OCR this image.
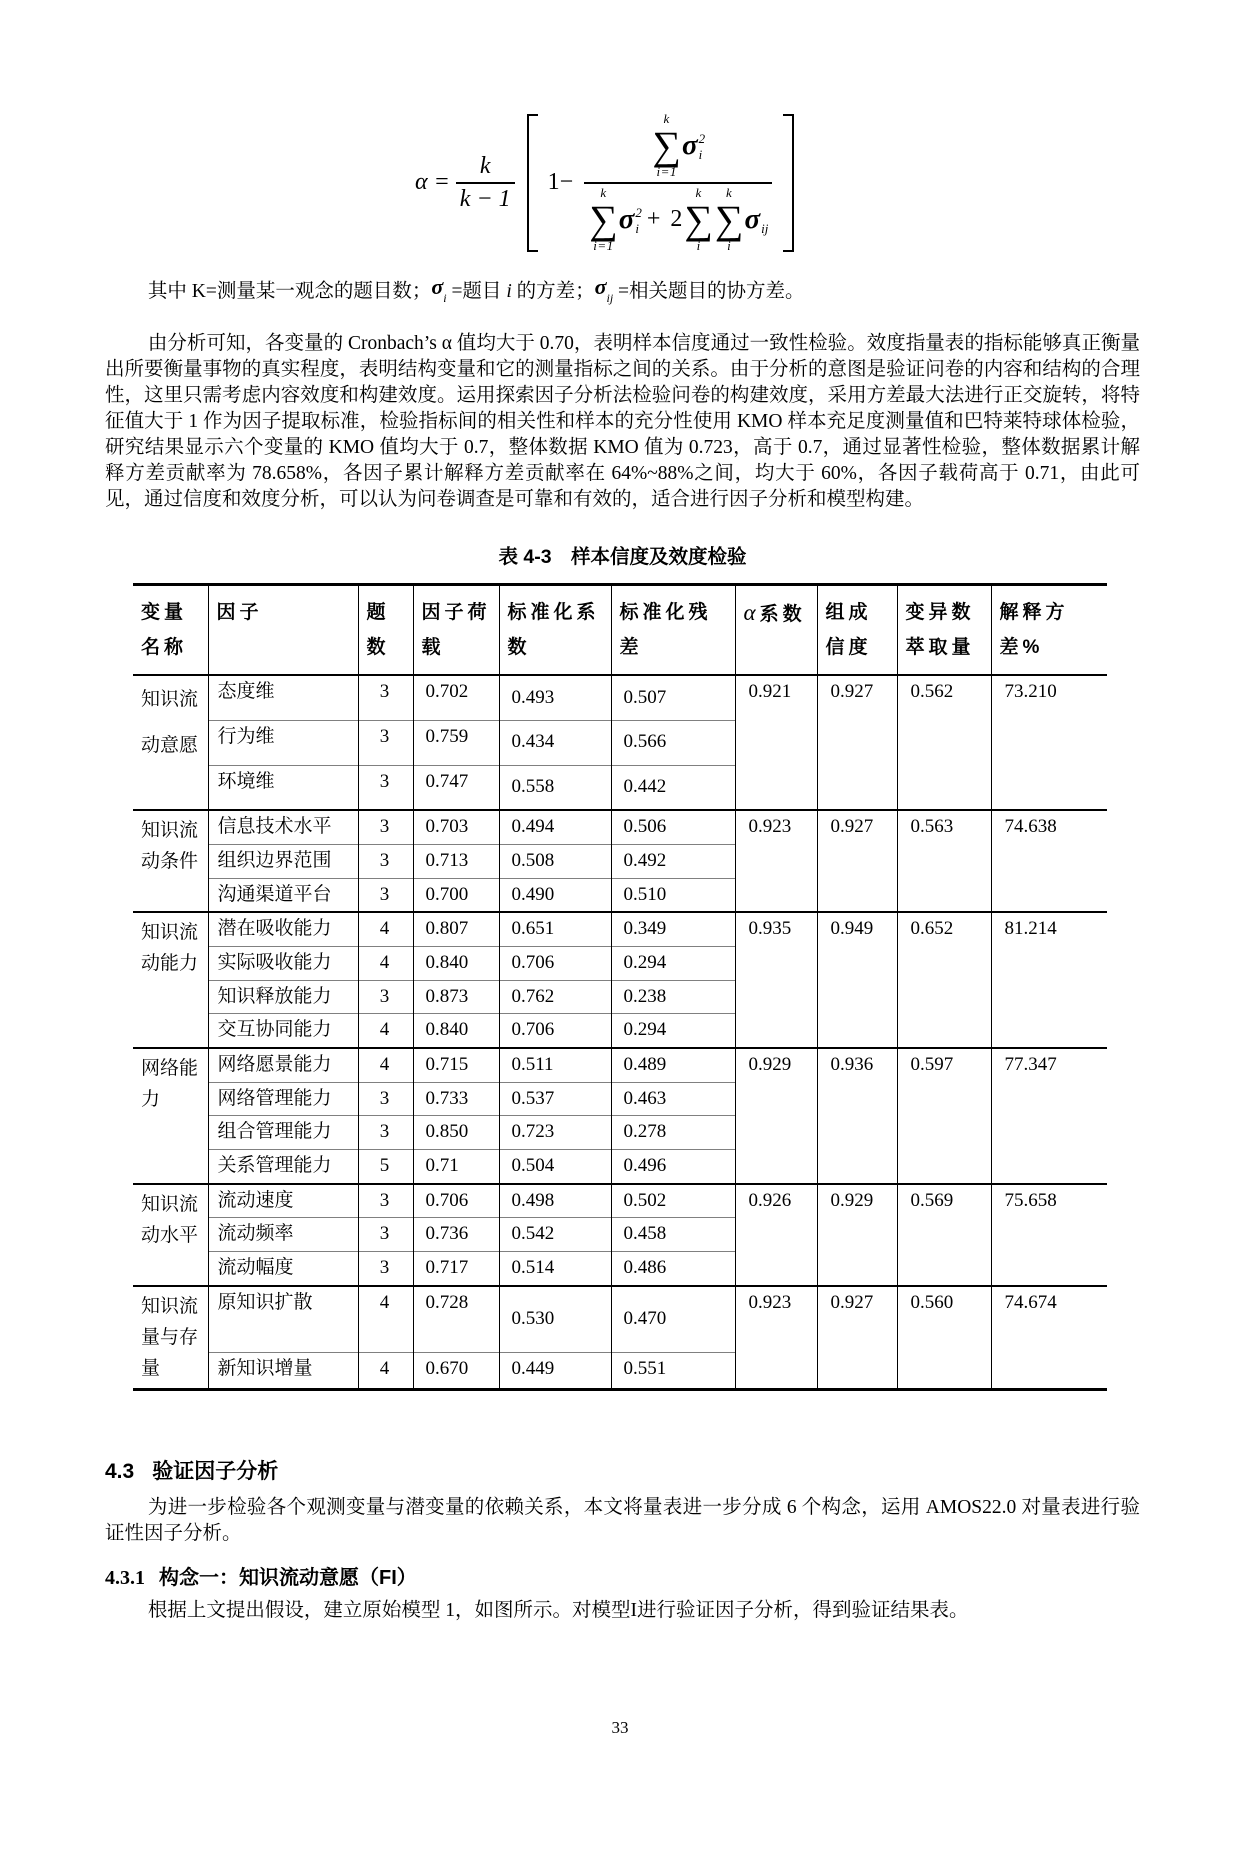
$\alpha = \frac{k}{k - 1} 1-$
k
∑
i=1
σ 2
i
k
∑
i=1
σ 2
i + 2
k
∑
i
k
∑
i
σ
ij

其中 K=测量某一观念的题目数；$\sigma_i$ =题目 i 的方差；$\sigma_{ij}$ =相关题目的协方差。

由分析可知，各变量的 Cronbach’s α 值均大于 0.70，表明样本信度通过一致性检验。效度指量表的指标能够真正衡量出所要衡量事物的真实程度，表明结构变量和它的测量指标之间的关系。由于分析的意图是验证问卷的内容和结构的合理性，这里只需考虑内容效度和构建效度。运用探索因子分析法检验问卷的构建效度，采用方差最大法进行正交旋转，将特征值大于 1 作为因子提取标准，检验指标间的相关性和样本的充分性使用 KMO 样本充足度测量值和巴特莱特球体检验，研究结果显示六个变量的 KMO 值均大于 0.7，整体数据 KMO 值为 0.723，高于 0.7，通过显著性检验，整体数据累计解释方差贡献率为 78.658%，各因子累计解释方差贡献率在 64%~88%之间，均大于 60%，各因子载荷高于 0.71，由此可见，通过信度和效度分析，可以认为问卷调查是可靠和有效的，适合进行因子分析和模型构建。

表 4-3　样本信度及效度检验
变量名称	因子	题数	因子荷载	标准化系数	标准化残差	α 系数	组成信度	变异数萃取量	解释方差%
知识流动意愿	态度维	3	0.702	0.493	0.507	0.921	0.927	0.562	73.210
	行为维	3	0.759	0.434	0.566				
	环境维	3	0.747	0.558	0.442				
知识流动条件	信息技术水平	3	0.703	0.494	0.506	0.923	0.927	0.563	74.638
	组织边界范围	3	0.713	0.508	0.492				
	沟通渠道平台	3	0.700	0.490	0.510				
知识流动能力	潜在吸收能力	4	0.807	0.651	0.349	0.935	0.949	0.652	81.214
	实际吸收能力	4	0.840	0.706	0.294				
	知识释放能力	3	0.873	0.762	0.238				
	交互协同能力	4	0.840	0.706	0.294				
网络能力	网络愿景能力	4	0.715	0.511	0.489	0.929	0.936	0.597	77.347
	网络管理能力	3	0.733	0.537	0.463				
	组合管理能力	3	0.850	0.723	0.278				
	关系管理能力	5	0.71	0.504	0.496				
知识流动水平	流动速度	3	0.706	0.498	0.502	0.926	0.929	0.569	75.658
	流动频率	3	0.736	0.542	0.458				
	流动幅度	3	0.717	0.514	0.486				
知识流量与存量	原知识扩散	4	0.728	0.530	0.470	0.923	0.927	0.560	74.674
	新知识增量	4	0.670	0.449	0.551				
4.3 验证因子分析

为进一步检验各个观测变量与潜变量的依赖关系，本文将量表进一步分成 6 个构念，运用 AMOS22.0 对量表进行验证性因子分析。

4.3.1 构念一：知识流动意愿（FI）

根据上文提出假设，建立原始模型 1，如图所示。对模型I进行验证因子分析，得到验证结果表。

33
